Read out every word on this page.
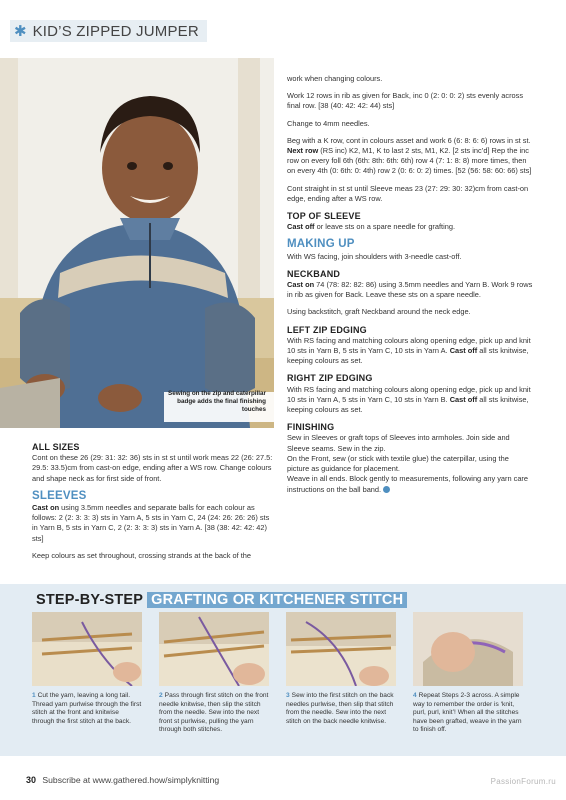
✱ KID’S ZIPPED JUMPER
Sewing on the zip and caterpillar badge adds the final finishing touches
ALL SIZES

Cont on these 26 (29: 31: 32: 36) sts in st st until work meas 22 (26: 27.5: 29.5: 33.5)cm from cast-on edge, ending after a WS row. Change colours and shape neck as for first side of front.

SLEEVES

Cast on using 3.5mm needles and separate balls for each colour as follows: 2 (2: 3: 3: 3) sts in Yarn A, 5 sts in Yarn C, 24 (24: 26: 26: 26) sts in Yarn B, 5 sts in Yarn C, 2 (2: 3: 3: 3) sts in Yarn A. [38 (38: 42: 42: 42) sts]

Keep colours as set throughout, crossing strands at the back of the

work when changing colours.

Work 12 rows in rib as given for Back, inc 0 (2: 0: 0: 2) sts evenly across final row. [38 (40: 42: 42: 44) sts]

Change to 4mm needles.

Beg with a K row, cont in colours asset and work 6 (6: 8: 6: 6) rows in st st.

Next row (RS inc) K2, M1, K to last 2 sts, M1, K2. [2 sts inc’d] Rep the inc row on every foll 6th (6th: 8th: 6th: 6th) row 4 (7: 1: 8: 8) more times, then on every 4th (0: 6th: 0: 4th) row 2 (0: 6: 0: 2) times. [52 (56: 58: 60: 66) sts]

Cont straight in st st until Sleeve meas 23 (27: 29: 30: 32)cm from cast-on edge, ending after a WS row.

TOP OF SLEEVE

Cast off or leave sts on a spare needle for grafting.

MAKING UP

With WS facing, join shoulders with 3-needle cast-off.

NECKBAND

Cast on 74 (78: 82: 82: 86) using 3.5mm needles and Yarn B. Work 9 rows in rib as given for Back. Leave these sts on a spare needle.

Using backstitch, graft Neckband around the neck edge.

LEFT ZIP EDGING

With RS facing and matching colours along opening edge, pick up and knit 10 sts in Yarn B, 5 sts in Yarn C, 10 sts in Yarn A. Cast off all sts knitwise, keeping colours as set.

RIGHT ZIP EDGING

With RS facing and matching colours along opening edge, pick up and knit 10 sts in Yarn A, 5 sts in Yarn C, 10 sts in Yarn B. Cast off all sts knitwise, keeping colours as set.

FINISHING

Sew in Sleeves or graft tops of Sleeves into armholes. Join side and Sleeve seams. Sew in the zip.
On the Front, sew (or stick with textile glue) the caterpillar, using the picture as guidance for placement.
Weave in all ends. Block gently to measurements, following any yarn care instructions on the ball band.

STEP-BY-STEP GRAFTING OR KITCHENER STITCH
1 Cut the yarn, leaving a long tail. Thread yarn purlwise through the first stitch at the front and knitwise through the first stitch at the back.
2 Pass through first stitch on the front needle knitwise, then slip the stitch from the needle. Sew into the next front st purlwise, pulling the yarn through both stitches.
3 Sew into the first stitch on the back needles purlwise, then slip that stitch from the needle. Sew into the next stitch on the back needle knitwise.
4 Repeat Steps 2-3 across. A simple way to remember the order is ‘knit, purl, purl, knit’! When all the stitches have been grafted, weave in the yarn to finish off.
30 Subscribe at www.gathered.how/simplyknitting	PassionForum.ru
